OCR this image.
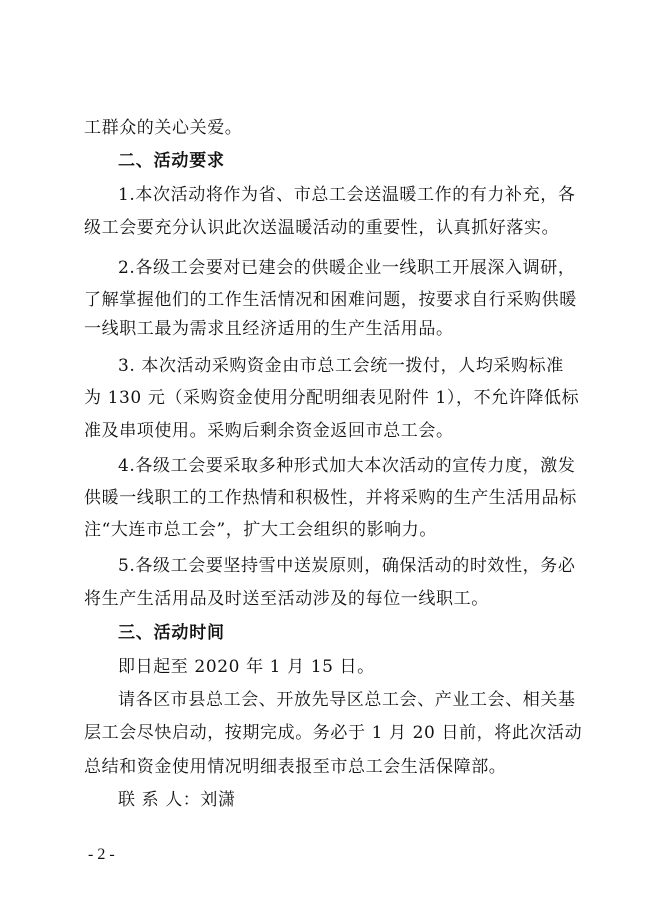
工群众的关心关爱。
二、活动要求
1.本次活动将作为省、市总工会送温暖工作的有力补充，各
级工会要充分认识此次送温暖活动的重要性，认真抓好落实。
2.各级工会要对已建会的供暖企业一线职工开展深入调研，
了解掌握他们的工作生活情况和困难问题，按要求自行采购供暖
一线职工最为需求且经济适用的生产生活用品。
3. 本次活动采购资金由市总工会统一拨付，人均采购标准
为 130 元（采购资金使用分配明细表见附件 1），不允许降低标
准及串项使用。采购后剩余资金返回市总工会。
4.各级工会要采取多种形式加大本次活动的宣传力度，激发
供暖一线职工的工作热情和积极性，并将采购的生产生活用品标
注“大连市总工会”，扩大工会组织的影响力。
5.各级工会要坚持雪中送炭原则，确保活动的时效性，务必
将生产生活用品及时送至活动涉及的每位一线职工。
三、活动时间
即日起至 2020 年 1 月 15 日。
请各区市县总工会、开放先导区总工会、产业工会、相关基
层工会尽快启动，按期完成。务必于 1 月 20 日前，将此次活动
总结和资金使用情况明细表报至市总工会生活保障部。
联 系 人：刘潇
- 2 -
